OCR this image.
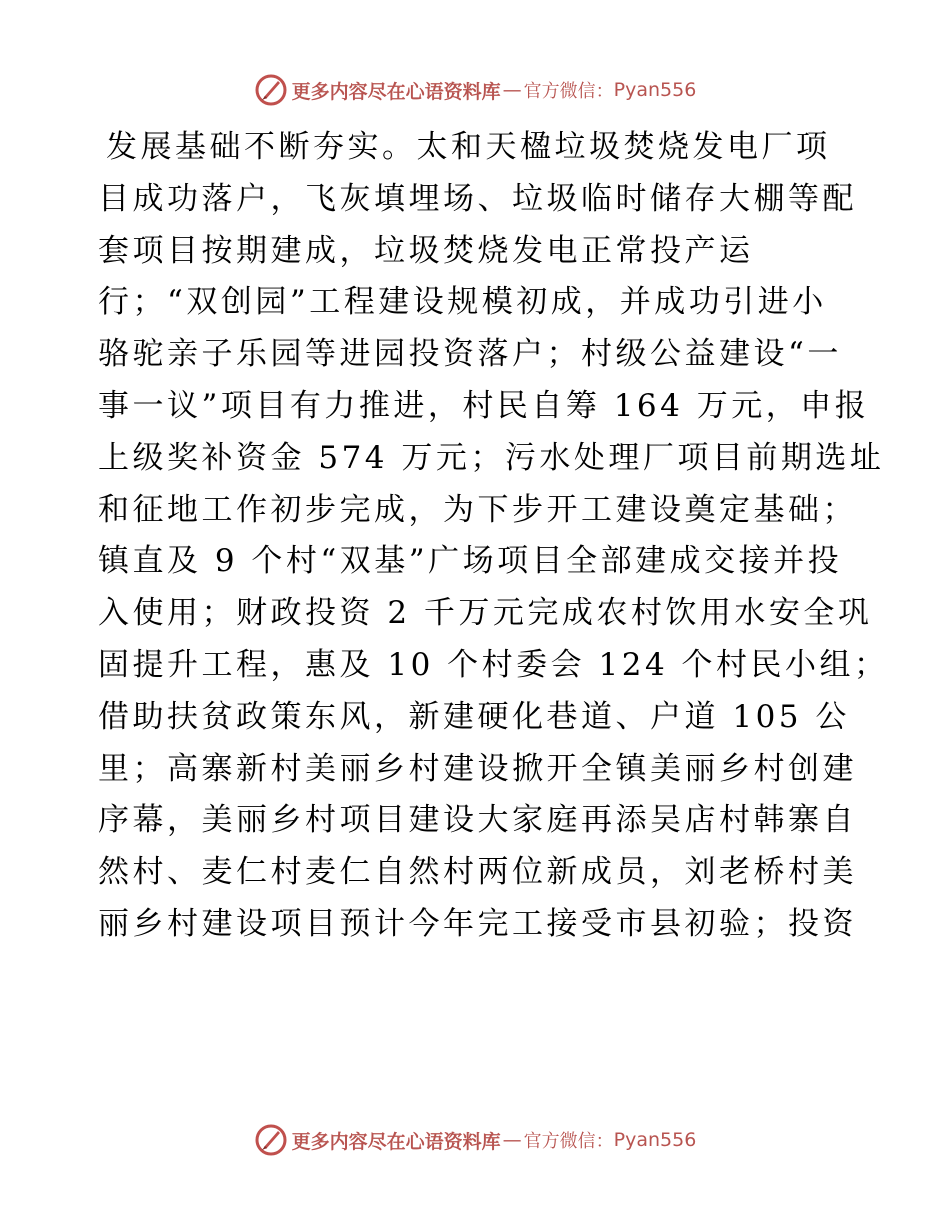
更多内容尽在心语资料库 — 官方微信： Pyan556
发展基础不断夯实。太和天楹垃圾焚烧发电厂项
目成功落户，飞灰填埋场、垃圾临时储存大棚等配
套项目按期建成，垃圾焚烧发电正常投产运
行；“双创园”工程建设规模初成，并成功引进小
骆驼亲子乐园等进园投资落户；村级公益建设“一
事一议”项目有力推进，村民自筹 164 万元，申报
上级奖补资金 574 万元；污水处理厂项目前期选址
和征地工作初步完成，为下步开工建设奠定基础；
镇直及 9 个村“双基”广场项目全部建成交接并投
入使用；财政投资 2 千万元完成农村饮用水安全巩
固提升工程，惠及 10 个村委会 124 个村民小组；
借助扶贫政策东风，新建硬化巷道、户道 105 公
里；高寨新村美丽乡村建设掀开全镇美丽乡村创建
序幕，美丽乡村项目建设大家庭再添吴店村韩寨自
然村、麦仁村麦仁自然村两位新成员，刘老桥村美
丽乡村建设项目预计今年完工接受市县初验；投资
更多内容尽在心语资料库 — 官方微信： Pyan556
